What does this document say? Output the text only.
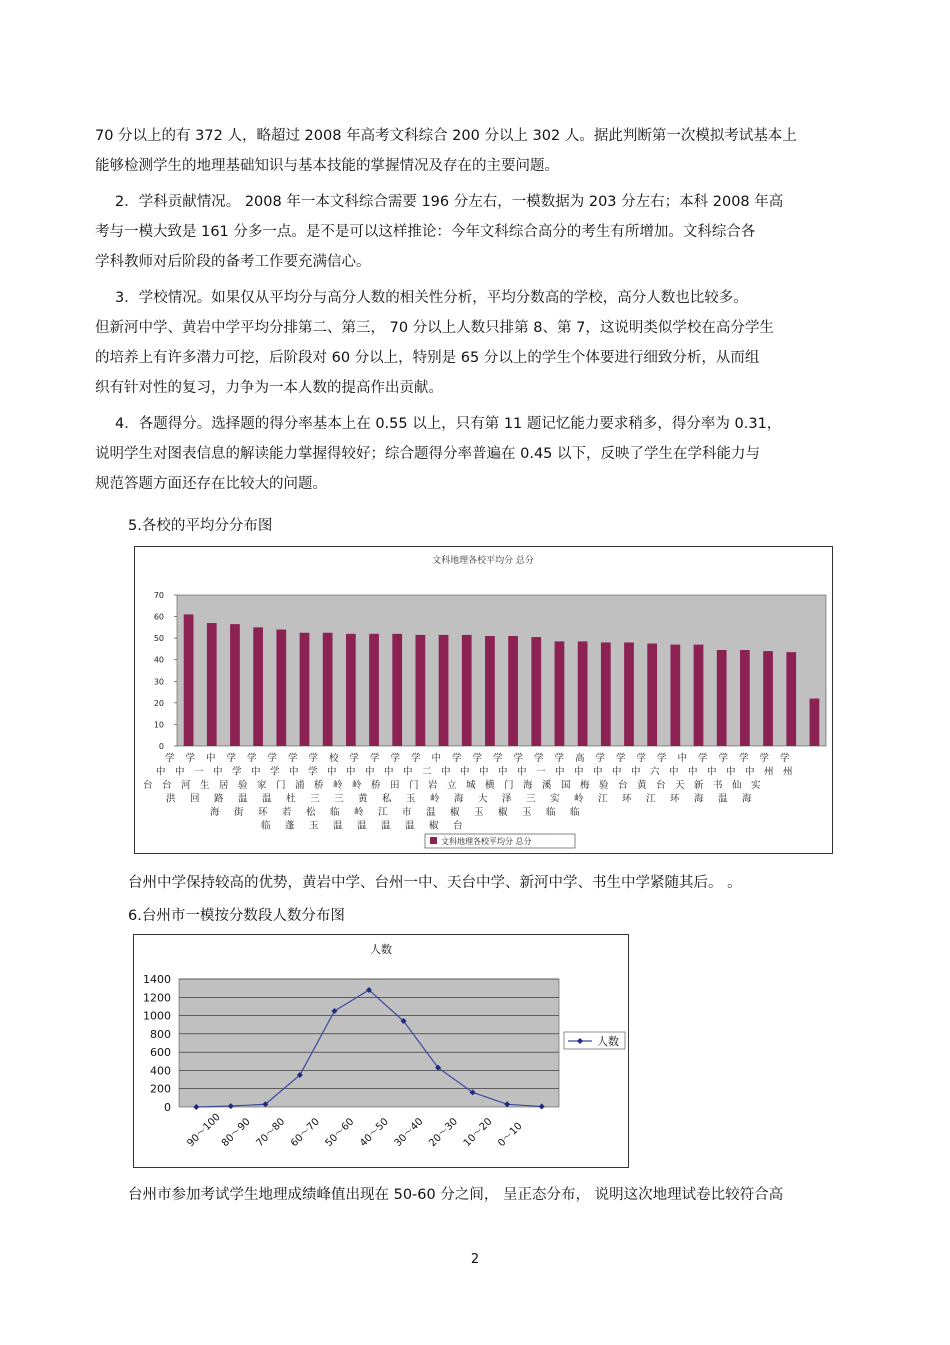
70 分以上的有 372 人，略超过 2008 年高考文科综合 200 分以上 302 人。据此判断第一次模拟考试基本上
能够检测学生的地理基础知识与基本技能的掌握情况及存在的主要问题。
2．学科贡献情况。 2008 年一本文科综合需要 196 分左右，一模数据为 203 分左右；本科 2008 年高
考与一模大致是 161 分多一点。是不是可以这样推论：今年文科综合高分的考生有所增加。文科综合各
学科教师对后阶段的备考工作要充满信心。
3．学校情况。如果仅从平均分与高分人数的相关性分析，平均分数高的学校，高分人数也比较多。
但新河中学、黄岩中学平均分排第二、第三， 70 分以上人数只排第 8、第 7，这说明类似学校在高分学生
的培养上有许多潜力可挖，后阶段对 60 分以上，特别是 65 分以上的学生个体要进行细致分析，从而组
织有针对性的复习，力争为一本人数的提高作出贡献。
4．各题得分。选择题的得分率基本上在 0.55 以上，只有第 11 题记忆能力要求稍多，得分率为 0.31，
说明学生对图表信息的解读能力掌握得较好；综合题得分率普遍在 0.45 以下，反映了学生在学科能力与
规范答题方面还存在比较大的问题。
5.各校的平均分分布图
文科地理各校平均分 总分
0
10
20
30
40
50
60
70
学 学 中 学 学 学 学 学 校 学 学 学 学 中 学 学 学 学 学 学 高 学 学 学 学 中 学 学 学 学 学
中 中 一 中 学 中 学 中 学 中 中 中 中 中 二 中 中 中 中 中 一 中 中 中 中 中 六 中 中 中 中 中 州 州
台 台 河 生 居 验 家 门 浦 桥 岭 岭 桥 田 门 岩 立 城 横 门 海 溪 国 梅 验 台 黄 台 天 新 书 仙 实
洪 回 路 温 温 杜 三 三 黄 私 玉 岭 海 大 泽 三 实 岭 江 环 江 环 海 温 海
海 街 环 若 松 临 岭 江 市 温 椒 玉 椒 玉 临 临
临 蓬 玉 温 温 温 温 椒 台
文科地理各校平均分 总分
台州中学保持较高的优势，黄岩中学、台州一中、天台中学、新河中学、书生中学紧随其后。 。
6.台州市一模按分数段人数分布图
人数
0
200
400
600
800
1000
1200
1400
90～100
80～90 70～80 60～70 50～60 40～50 30～40 20～30 10～20 0～10
人数
台州市参加考试学生地理成绩峰值出现在 50-60 分之间， 呈正态分布， 说明这次地理试卷比较符合高
2
